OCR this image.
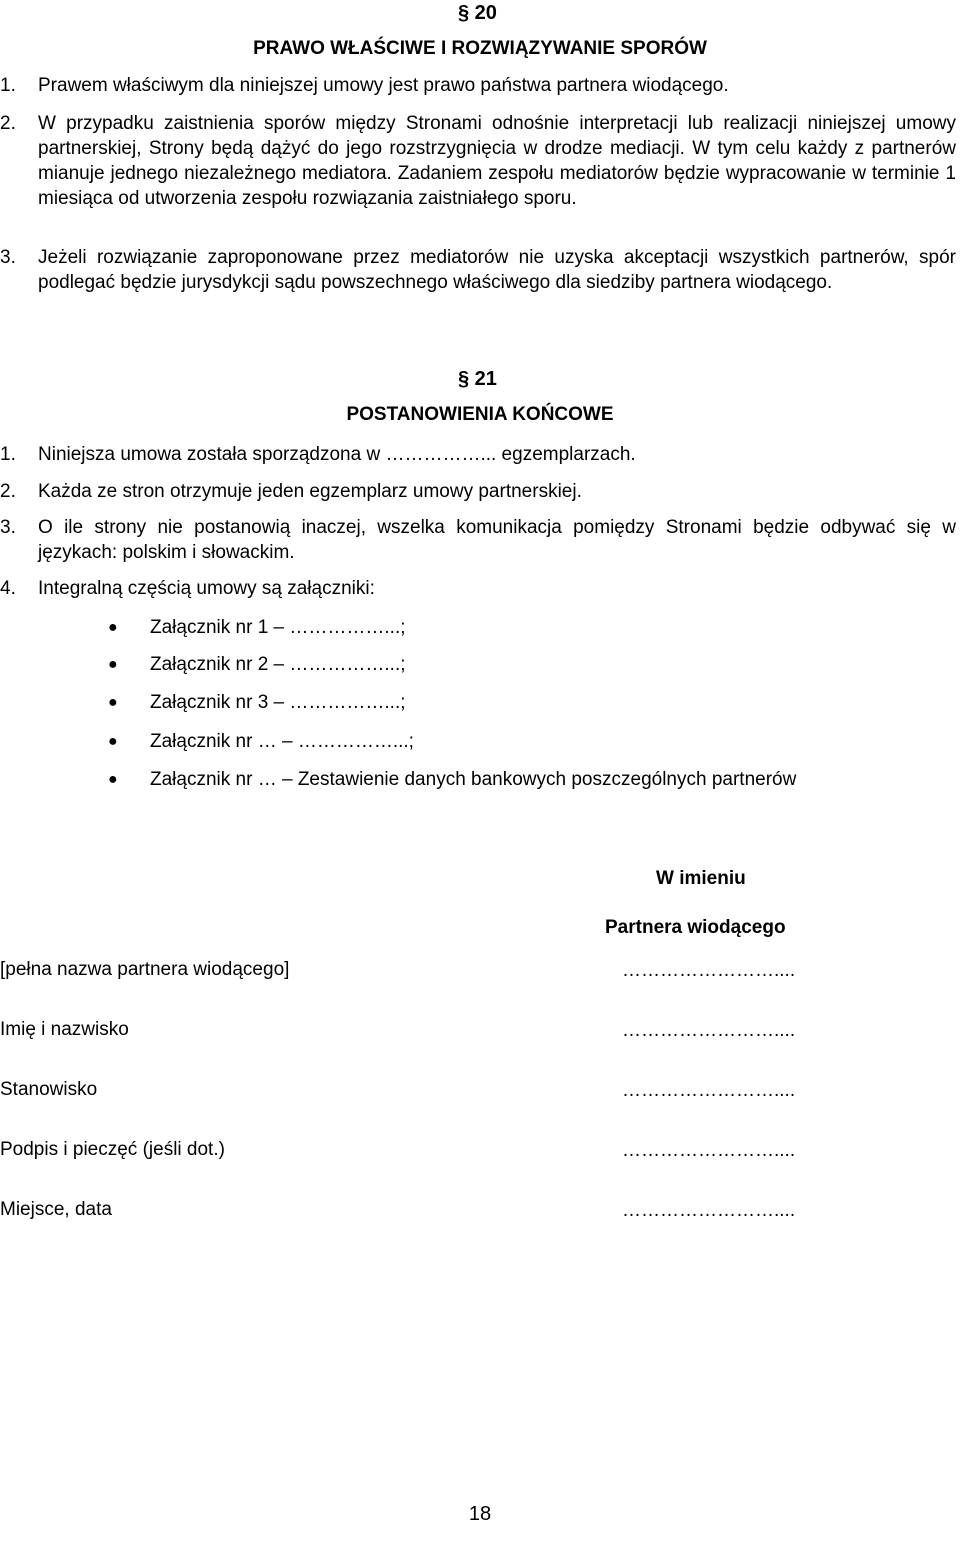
§ 20
PRAWO WŁAŚCIWE I ROZWIĄZYWANIE SPORÓW
1. Prawem właściwym dla niniejszej umowy jest prawo państwa partnera wiodącego.
2. W przypadku zaistnienia sporów między Stronami odnośnie interpretacji lub realizacji niniejszej umowy partnerskiej, Strony będą dążyć do jego rozstrzygnięcia w drodze mediacji. W tym celu każdy z partnerów mianuje jednego niezależnego mediatora. Zadaniem zespołu mediatorów będzie wypracowanie w terminie 1 miesiąca od utworzenia zespołu rozwiązania zaistniałego sporu.
3. Jeżeli rozwiązanie zaproponowane przez mediatorów nie uzyska akceptacji wszystkich partnerów, spór podlegać będzie jurysdykcji sądu powszechnego właściwego dla siedziby partnera wiodącego.
§ 21
POSTANOWIENIA KOŃCOWE
1. Niniejsza umowa została sporządzona w ……………... egzemplarzach.
2. Każda ze stron otrzymuje jeden egzemplarz umowy partnerskiej.
3. O ile strony nie postanowią inaczej, wszelka komunikacja pomiędzy Stronami będzie odbywać się w językach: polskim i słowackim.
4. Integralną częścią umowy są załączniki:
● Załącznik nr 1 – ……………...;
● Załącznik nr 2 – ……………...;
● Załącznik nr 3 – ……………...;
● Załącznik nr … – ……………...;
● Załącznik nr … – Zestawienie danych bankowych poszczególnych partnerów
W imieniu
Partnera wiodącego
[pełna nazwa partnera wiodącego]	……………………....
Imię i nazwisko	……………………....
Stanowisko	……………………....
Podpis i pieczęć (jeśli dot.)	……………………....
Miejsce, data	……………………....
18
